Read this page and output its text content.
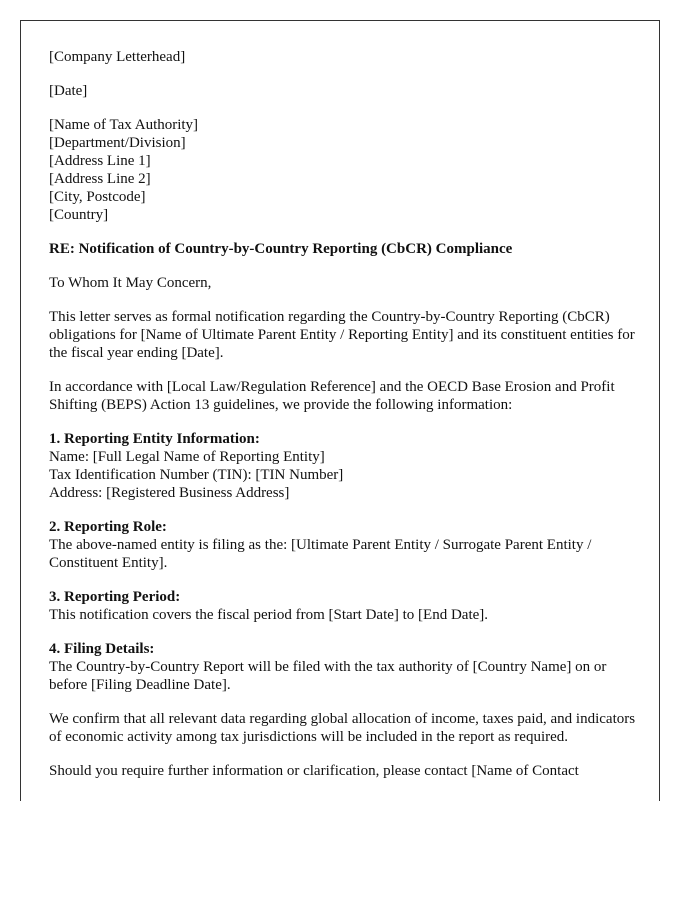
[Company Letterhead]

[Date]

[Name of Tax Authority]
[Department/Division]
[Address Line 1]
[Address Line 2]
[City, Postcode]
[Country]

RE: Notification of Country-by-Country Reporting (CbCR) Compliance

To Whom It May Concern,

This letter serves as formal notification regarding the Country-by-Country Reporting (CbCR) obligations for [Name of Ultimate Parent Entity / Reporting Entity] and its constituent entities for the fiscal year ending [Date].

In accordance with [Local Law/Regulation Reference] and the OECD Base Erosion and Profit Shifting (BEPS) Action 13 guidelines, we provide the following information:

1. Reporting Entity Information:
Name: [Full Legal Name of Reporting Entity]
Tax Identification Number (TIN): [TIN Number]
Address: [Registered Business Address]
2. Reporting Role:
The above-named entity is filing as the: [Ultimate Parent Entity / Surrogate Parent Entity / Constituent Entity].
3. Reporting Period:
This notification covers the fiscal period from [Start Date] to [End Date].
4. Filing Details:
The Country-by-Country Report will be filed with the tax authority of [Country Name] on or before [Filing Deadline Date].

We confirm that all relevant data regarding global allocation of income, taxes paid, and indicators of economic activity among tax jurisdictions will be included in the report as required.

Should you require further information or clarification, please contact [Name of Contact
